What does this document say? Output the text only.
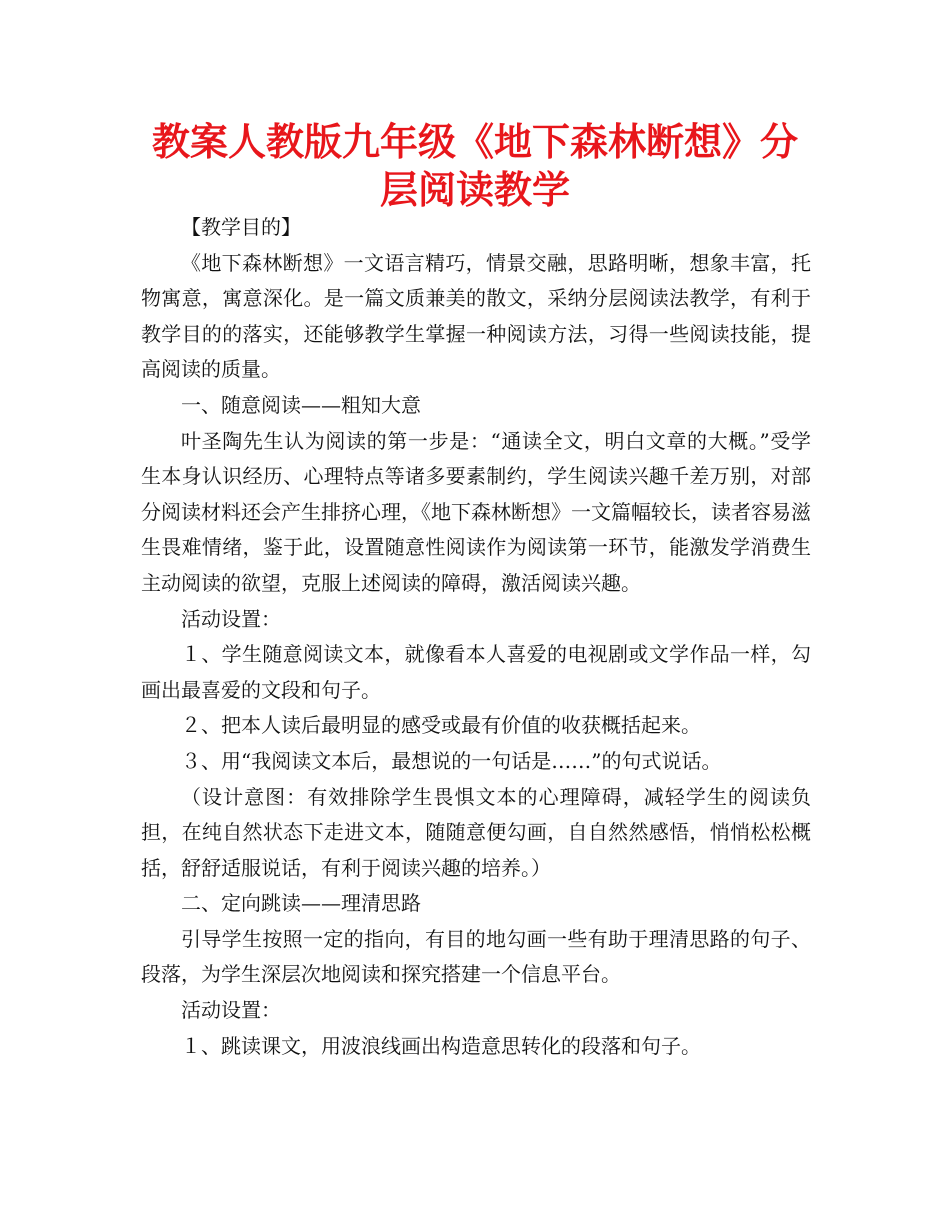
教案人教版九年级《地下森林断想》分层阅读教学

【教学目的】

《地下森林断想》一文语言精巧，情景交融，思路明晰，想象丰富，托物寓意，寓意深化。是一篇文质兼美的散文，采纳分层阅读法教学，有利于教学目的的落实，还能够教学生掌握一种阅读方法，习得一些阅读技能，提高阅读的质量。

一、随意阅读——粗知大意

叶圣陶先生认为阅读的第一步是：“通读全文，明白文章的大概。”受学生本身认识经历、心理特点等诸多要素制约，学生阅读兴趣千差万别，对部分阅读材料还会产生排挤心理，《地下森林断想》一文篇幅较长，读者容易滋生畏难情绪，鉴于此，设置随意性阅读作为阅读第一环节，能激发学消费生主动阅读的欲望，克服上述阅读的障碍，激活阅读兴趣。

活动设置：

１、学生随意阅读文本，就像看本人喜爱的电视剧或文学作品一样，勾画出最喜爱的文段和句子。

２、把本人读后最明显的感受或最有价值的收获概括起来。

３、用“我阅读文本后，最想说的一句话是……”的句式说话。

（设计意图：有效排除学生畏惧文本的心理障碍，减轻学生的阅读负担，在纯自然状态下走进文本，随随意便勾画，自自然然感悟，悄悄松松概括，舒舒适服说话，有利于阅读兴趣的培养。）

二、定向跳读——理清思路

引导学生按照一定的指向，有目的地勾画一些有助于理清思路的句子、段落，为学生深层次地阅读和探究搭建一个信息平台。

活动设置：

１、跳读课文，用波浪线画出构造意思转化的段落和句子。
